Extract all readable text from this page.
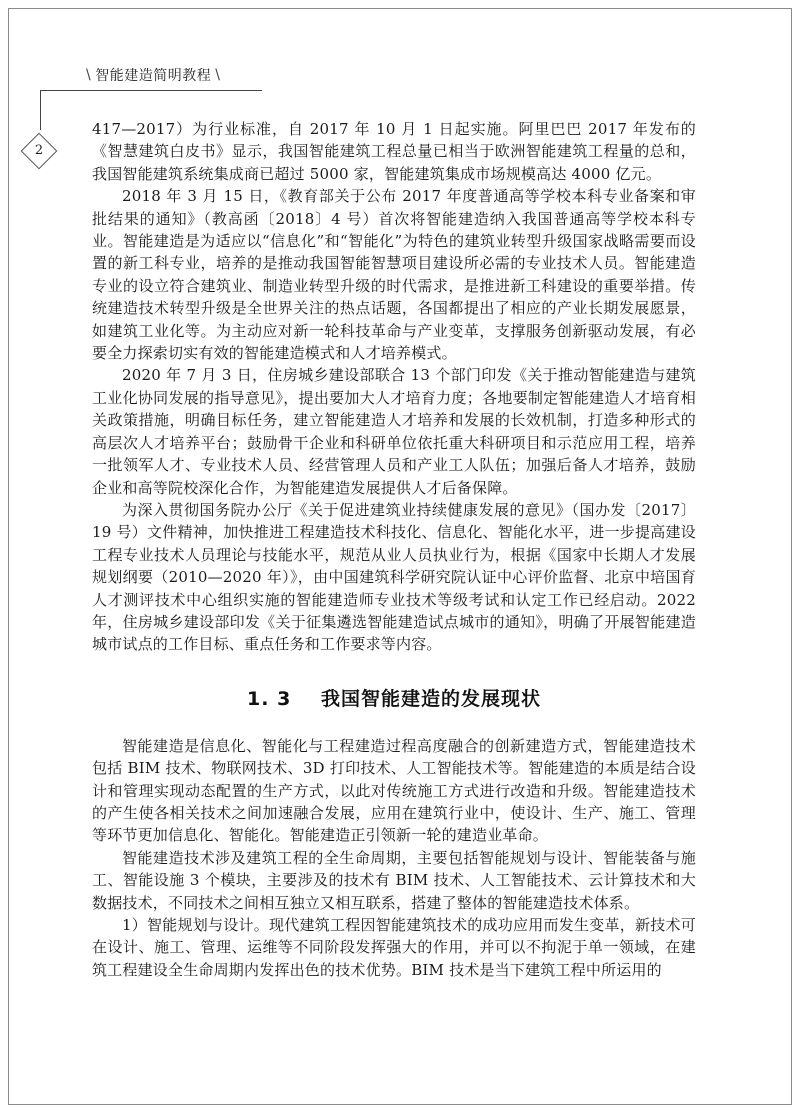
\ 智能建造简明教程 \
2

417—2017）为行业标准，自 2017 年 10 月 1 日起实施。阿里巴巴 2017 年发布的《智慧建筑白皮书》显示，我国智能建筑工程总量已相当于欧洲智能建筑工程量的总和，我国智能建筑系统集成商已超过 5000 家，智能建筑集成市场规模高达 4000 亿元。

2018 年 3 月 15 日，《教育部关于公布 2017 年度普通高等学校本科专业备案和审批结果的通知》（教高函〔2018〕4 号）首次将智能建造纳入我国普通高等学校本科专业。智能建造是为适应以“信息化”和“智能化”为特色的建筑业转型升级国家战略需要而设置的新工科专业，培养的是推动我国智能智慧项目建设所必需的专业技术人员。智能建造专业的设立符合建筑业、制造业转型升级的时代需求，是推进新工科建设的重要举措。传统建造技术转型升级是全世界关注的热点话题，各国都提出了相应的产业长期发展愿景，如建筑工业化等。为主动应对新一轮科技革命与产业变革，支撑服务创新驱动发展，有必要全力探索切实有效的智能建造模式和人才培养模式。

2020 年 7 月 3 日，住房城乡建设部联合 13 个部门印发《关于推动智能建造与建筑工业化协同发展的指导意见》，提出要加大人才培育力度；各地要制定智能建造人才培育相关政策措施，明确目标任务，建立智能建造人才培养和发展的长效机制，打造多种形式的高层次人才培养平台；鼓励骨干企业和科研单位依托重大科研项目和示范应用工程，培养一批领军人才、专业技术人员、经营管理人员和产业工人队伍；加强后备人才培养，鼓励企业和高等院校深化合作，为智能建造发展提供人才后备保障。

为深入贯彻国务院办公厅《关于促进建筑业持续健康发展的意见》（国办发〔2017〕19 号）文件精神，加快推进工程建造技术科技化、信息化、智能化水平，进一步提高建设工程专业技术人员理论与技能水平，规范从业人员执业行为，根据《国家中长期人才发展规划纲要（2010—2020 年）》，由中国建筑科学研究院认证中心评价监督、北京中培国育人才测评技术中心组织实施的智能建造师专业技术等级考试和认定工作已经启动。2022 年，住房城乡建设部印发《关于征集遴选智能建造试点城市的通知》，明确了开展智能建造城市试点的工作目标、重点任务和工作要求等内容。

1. 3 我国智能建造的发展现状

智能建造是信息化、智能化与工程建造过程高度融合的创新建造方式，智能建造技术包括 BIM 技术、物联网技术、3D 打印技术、人工智能技术等。智能建造的本质是结合设计和管理实现动态配置的生产方式，以此对传统施工方式进行改造和升级。智能建造技术的产生使各相关技术之间加速融合发展，应用在建筑行业中，使设计、生产、施工、管理等环节更加信息化、智能化。智能建造正引领新一轮的建造业革命。

智能建造技术涉及建筑工程的全生命周期，主要包括智能规划与设计、智能装备与施工、智能设施 3 个模块，主要涉及的技术有 BIM 技术、人工智能技术、云计算技术和大数据技术，不同技术之间相互独立又相互联系，搭建了整体的智能建造技术体系。

1）智能规划与设计。现代建筑工程因智能建筑技术的成功应用而发生变革，新技术可在设计、施工、管理、运维等不同阶段发挥强大的作用，并可以不拘泥于单一领域，在建筑工程建设全生命周期内发挥出色的技术优势。BIM 技术是当下建筑工程中所运用的
